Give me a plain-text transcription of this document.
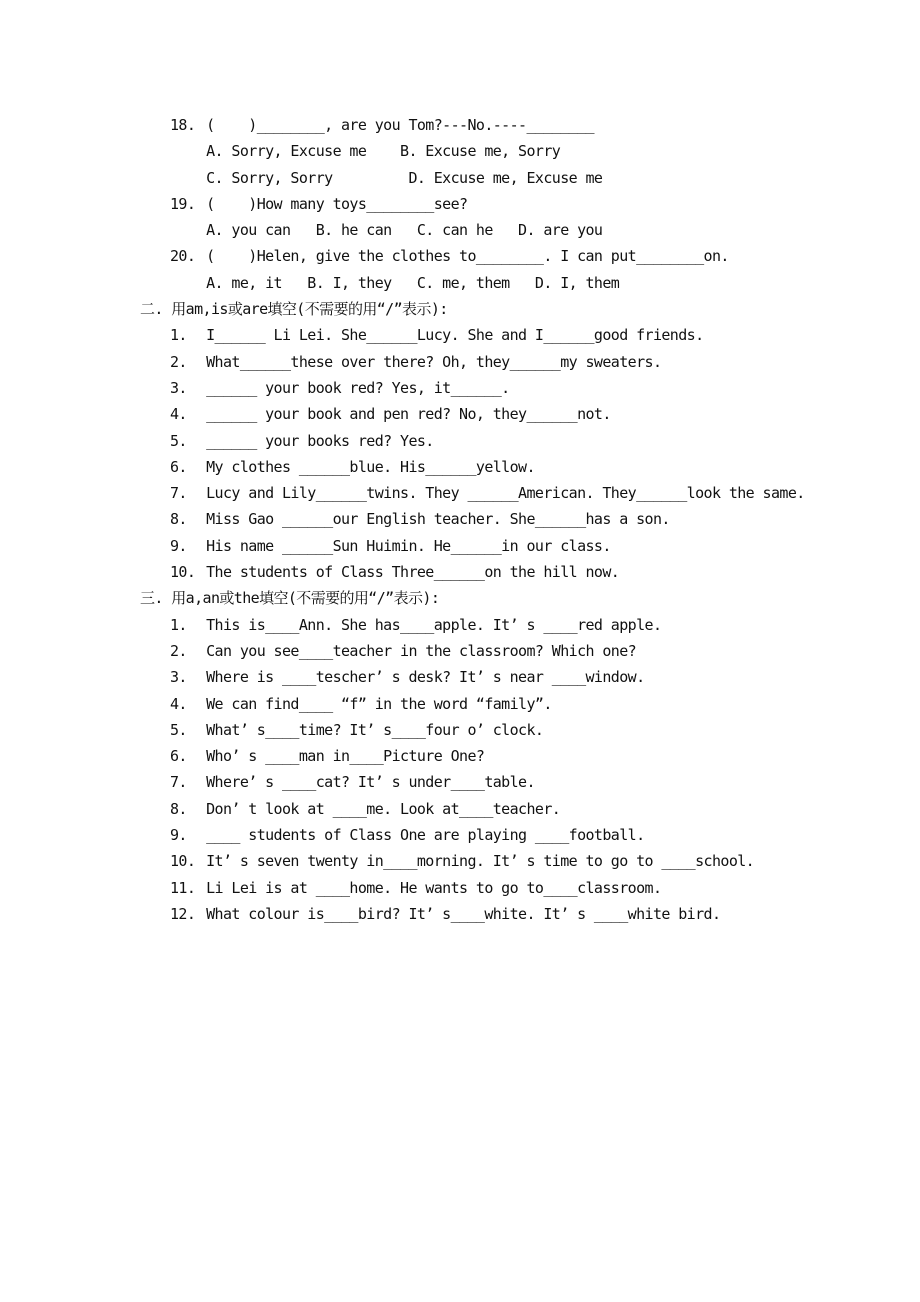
18. (    )________, are you Tom?---No.----________
A. Sorry, Excuse me    B. Excuse me, Sorry
C. Sorry, Sorry         D. Excuse me, Excuse me
19. (    )How many toys________see?
A. you can   B. he can   C. can he   D. are you
20. (    )Helen, give the clothes to________. I can put________on.
A. me, it   B. I, they   C. me, them   D. I, them
二. 用am,is或are填空(不需要的用“/”表示):
1. I______ Li Lei. She______Lucy. She and I______good friends.
2. What______these over there? Oh, they______my sweaters.
3. ______ your book red? Yes, it______.
4. ______ your book and pen red? No, they______not.
5. ______ your books red? Yes.
6. My clothes ______blue. His______yellow.
7. Lucy and Lily______twins. They ______American. They______look the same.
8. Miss Gao ______our English teacher. She______has a son.
9. His name ______Sun Huimin. He______in our class.
10. The students of Class Three______on the hill now.
三. 用a,an或the填空(不需要的用“/”表示):
1. This is____Ann. She has____apple. It’ s ____red apple.
2. Can you see____teacher in the classroom? Which one?
3. Where is ____tescher’ s desk? It’ s near ____window.
4. We can find____ “f” in the word “family”.
5. What’ s____time? It’ s____four o’ clock.
6. Who’ s ____man in____Picture One?
7. Where’ s ____cat? It’ s under____table.
8. Don’ t look at ____me. Look at____teacher.
9. ____ students of Class One are playing ____football.
10. It’ s seven twenty in____morning. It’ s time to go to ____school.
11. Li Lei is at ____home. He wants to go to____classroom.
12. What colour is____bird? It’ s____white. It’ s ____white bird.
